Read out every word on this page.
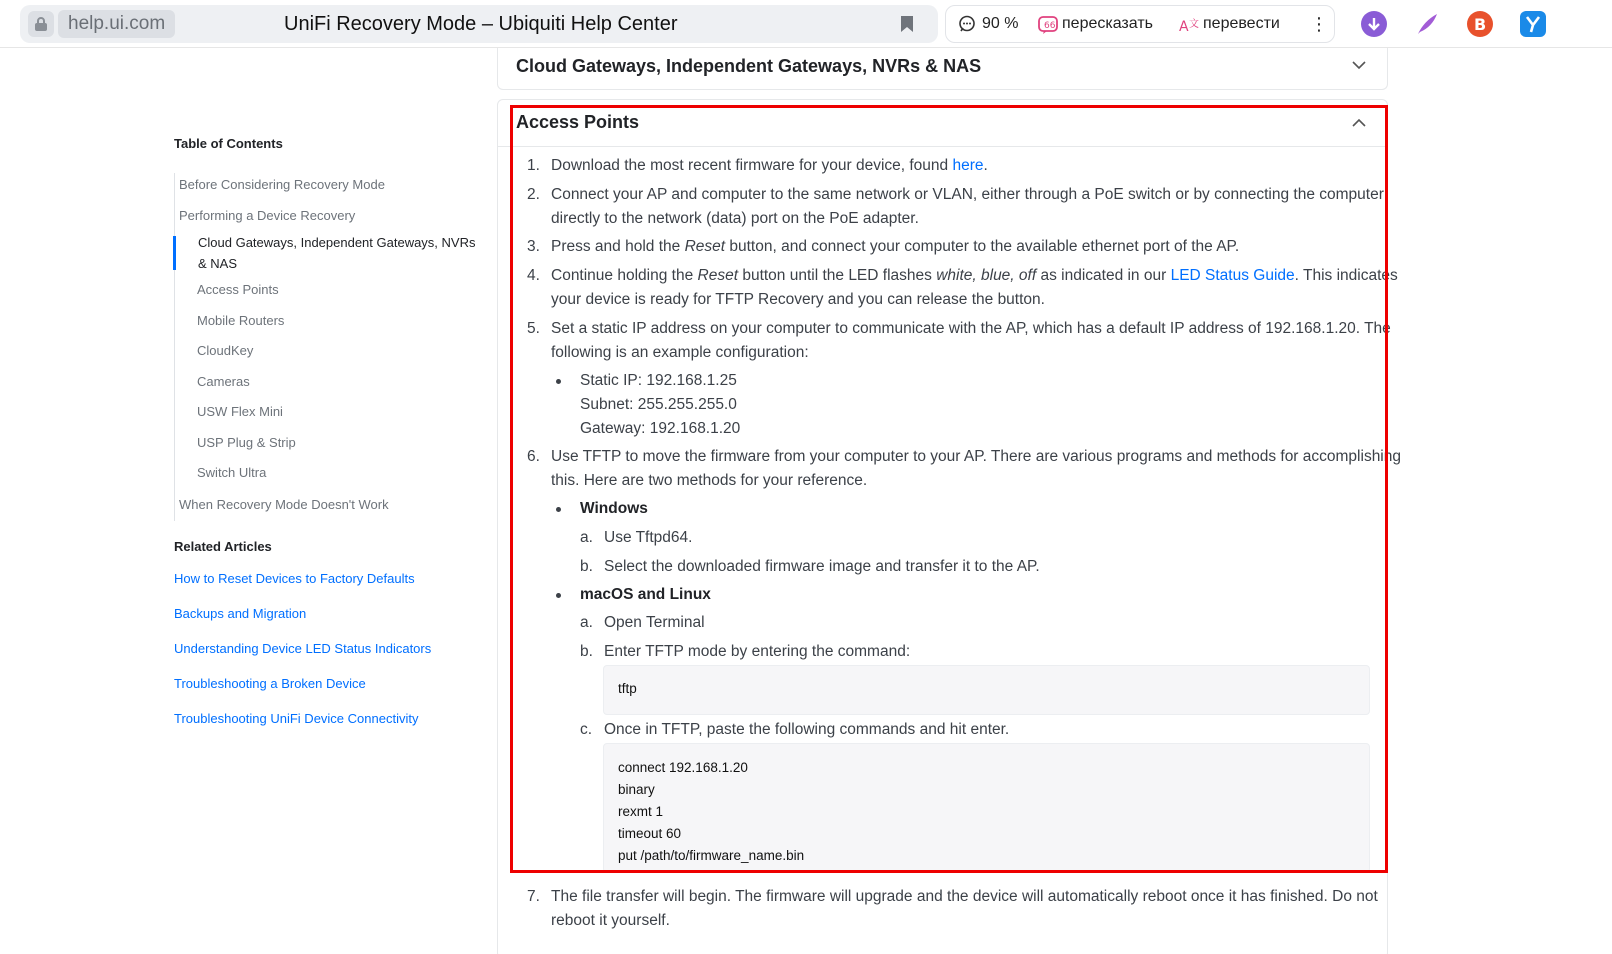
help.ui.com	UniFi Recovery Mode – Ubiquiti Help Center	90 %	66 пересказать A 文 перевести ⋮	B
Cloud Gateways, Independent Gateways, NVRs & NAS
Access Points
1. Download the most recent firmware for your device, found here.
2. Connect your AP and computer to the same network or VLAN, either through a PoE switch or by connecting the computer
directly to the network (data) port on the PoE adapter.
3. Press and hold the Reset button, and connect your computer to the available ethernet port of the AP.
4. Continue holding the Reset button until the LED flashes white, blue, off as indicated in our LED Status Guide. This indicates
your device is ready for TFTP Recovery and you can release the button.
5. Set a static IP address on your computer to communicate with the AP, which has a default IP address of 192.168.1.20. The
following is an example configuration:
Static IP: 192.168.1.25
Subnet: 255.255.255.0
Gateway: 192.168.1.20
6. Use TFTP to move the firmware from your computer to your AP. There are various programs and methods for accomplishing
this. Here are two methods for your reference.
Windows
a. Use Tftpd64.
b. Select the downloaded firmware image and transfer it to the AP.
macOS and Linux
a. Open Terminal
b. Enter TFTP mode by entering the command:
tftp
c. Once in TFTP, paste the following commands and hit enter.
connect 192.168.1.20
binary
rexmt 1
timeout 60
put /path/to/firmware_name.bin
7. The file transfer will begin. The firmware will upgrade and the device will automatically reboot once it has finished. Do not
reboot it yourself.
Table of Contents
Before Considering Recovery Mode
Performing a Device Recovery
Cloud Gateways, Independent Gateways, NVRs
& NAS
Access Points
Mobile Routers
CloudKey
Cameras
USW Flex Mini
USP Plug & Strip
Switch Ultra
When Recovery Mode Doesn't Work
Related Articles
How to Reset Devices to Factory Defaults
Backups and Migration
Understanding Device LED Status Indicators
Troubleshooting a Broken Device
Troubleshooting UniFi Device Connectivity
